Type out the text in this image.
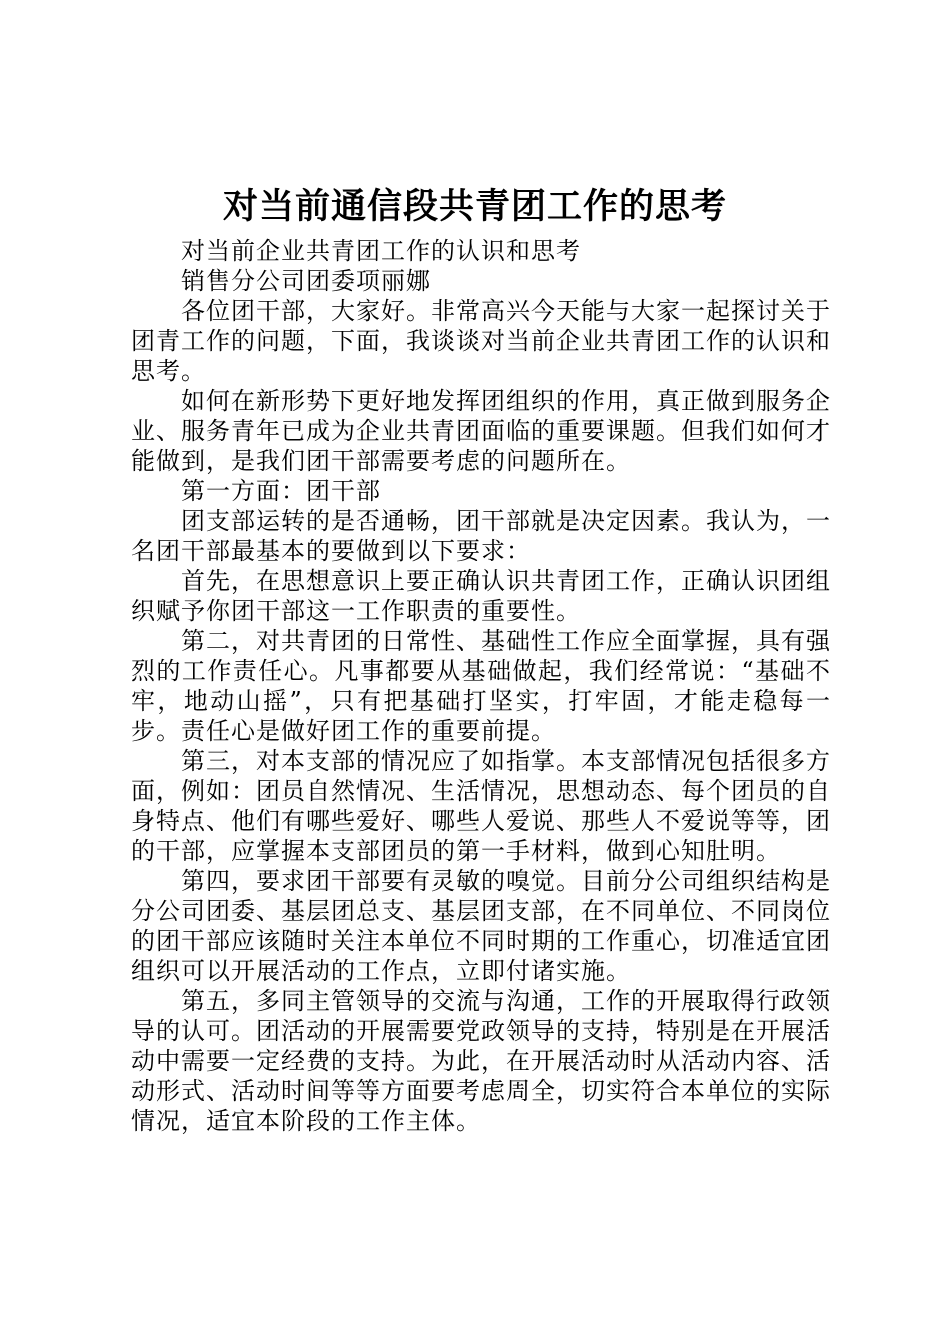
对当前通信段共青团工作的思考

对当前企业共青团工作的认识和思考

销售分公司团委项丽娜

各位团干部，大家好。非常高兴今天能与大家一起探讨关于团青工作的问题，下面，我谈谈对当前企业共青团工作的认识和思考。

如何在新形势下更好地发挥团组织的作用，真正做到服务企业、服务青年已成为企业共青团面临的重要课题。但我们如何才能做到，是我们团干部需要考虑的问题所在。

第一方面：团干部

团支部运转的是否通畅，团干部就是决定因素。我认为，一名团干部最基本的要做到以下要求：

首先，在思想意识上要正确认识共青团工作，正确认识团组织赋予你团干部这一工作职责的重要性。

第二，对共青团的日常性、基础性工作应全面掌握，具有强烈的工作责任心。凡事都要从基础做起，我们经常说：“基础不牢，地动山摇”，只有把基础打坚实，打牢固，才能走稳每一步。责任心是做好团工作的重要前提。

第三，对本支部的情况应了如指掌。本支部情况包括很多方面，例如：团员自然情况、生活情况，思想动态、每个团员的自身特点、他们有哪些爱好、哪些人爱说、那些人不爱说等等，团的干部，应掌握本支部团员的第一手材料，做到心知肚明。

第四，要求团干部要有灵敏的嗅觉。目前分公司组织结构是分公司团委、基层团总支、基层团支部，在不同单位、不同岗位的团干部应该随时关注本单位不同时期的工作重心，切准适宜团组织可以开展活动的工作点，立即付诸实施。

第五，多同主管领导的交流与沟通，工作的开展取得行政领导的认可。团活动的开展需要党政领导的支持，特别是在开展活动中需要一定经费的支持。为此，在开展活动时从活动内容、活动形式、活动时间等等方面要考虑周全，切实符合本单位的实际情况，适宜本阶段的工作主体。
